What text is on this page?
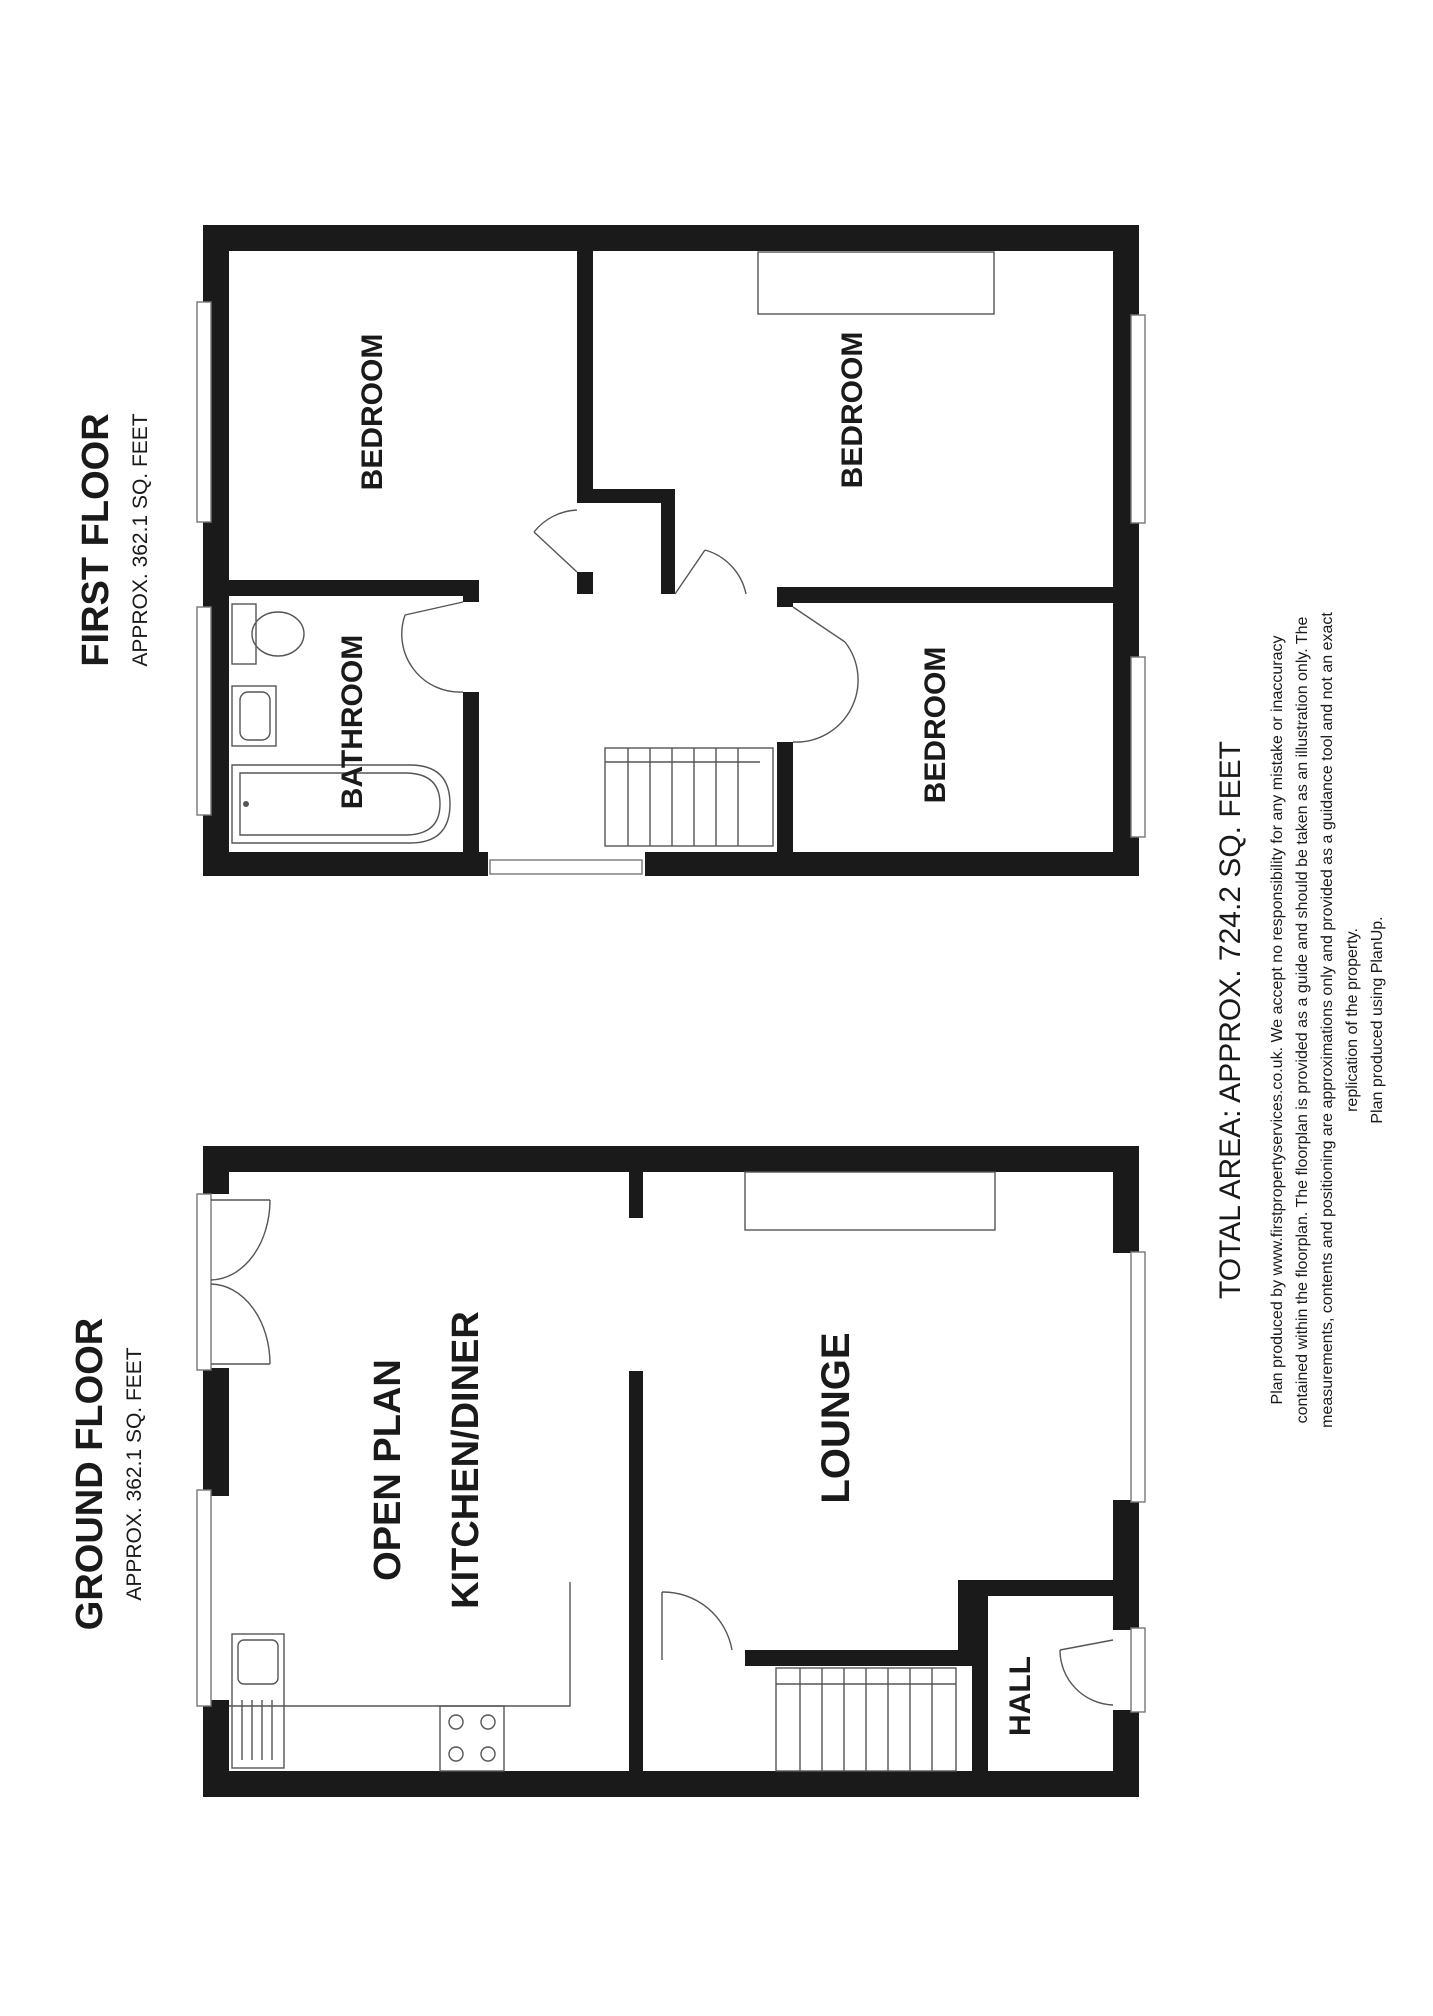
FIRST FLOOR APPROX. 362.1 SQ. FEET
BEDROOM	BEDROOM
BEDROOM
BATHROOM
GROUND FLOOR APPROX. 362.1 SQ. FEET	OPEN PLAN KITCHEN/DINER	LOUNGE
HALL
TOTAL AREA: APPROX. 724.2 SQ. FEET Plan produced by www.firstpropertyservices.co.uk. We accept no responsibility for any mistake or inaccuracy contained within the floorplan. The floorplan is provided as a guide and should be taken as an illustration only. The measurements, contents and positioning are approximations only and provided as a guidance tool and not an exact replication of the property. Plan produced using PlanUp.
